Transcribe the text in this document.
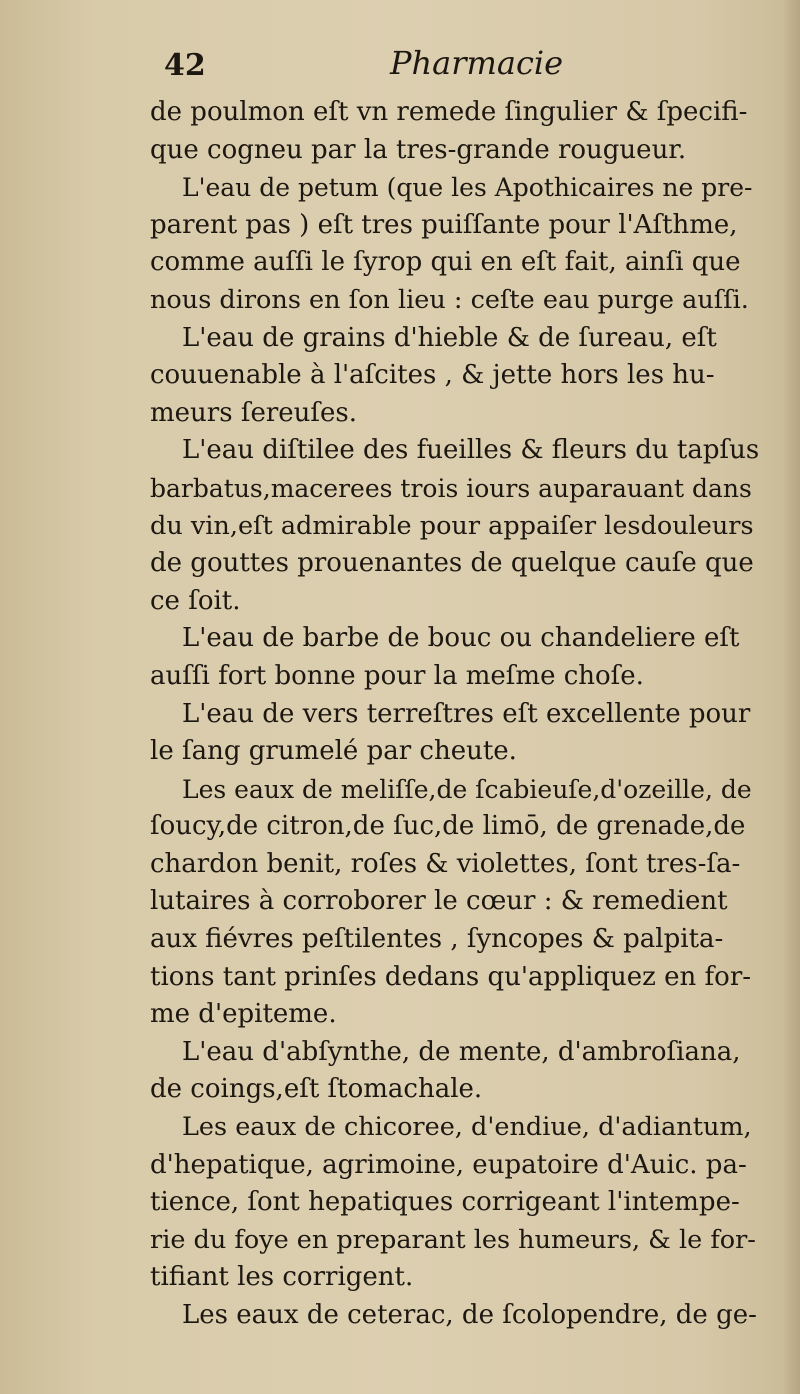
42	Pharmacie
de poulmon eſt vn remede ſingulier & ſpecifi-
que cogneu par la tres-grande rougueur.
L'eau de petum (que les Apothicaires ne pre-
parent pas ) eſt tres puiſſante pour l'Aſthme,
comme auſſi le ſyrop qui en eſt fait, ainſi que
nous dirons en ſon lieu : ceſte eau purge auſſi.
L'eau de grains d'hieble & de ſureau, eſt
couuenable à l'aſcites , & jette hors les hu-
meurs ſereuſes.
L'eau diſtilee des fueilles & fleurs du tapſus
barbatus,macerees trois iours auparauant dans
du vin,eſt admirable pour appaiſer lesdouleurs
de gouttes prouenantes de quelque cauſe que
ce ſoit.
L'eau de barbe de bouc ou chandeliere eſt
auſſi fort bonne pour la meſme choſe.
L'eau de vers terreſtres eſt excellente pour
le ſang grumelé par cheute.
Les eaux de meliſſe,de ſcabieuſe,d'ozeille, de
ſoucy,de citron,de ſuc,de limō, de grenade,de
chardon benit, roſes & violettes, ſont tres-ſa-
lutaires à corroborer le cœur : & remedient
aux fiévres peſtilentes , ſyncopes & palpita-
tions tant prinſes dedans qu'appliquez en for-
me d'epiteme.
L'eau d'abſynthe, de mente, d'ambroſiana,
de coings,eſt ſtomachale.
Les eaux de chicoree, d'endiue, d'adiantum,
d'hepatique, agrimoine, eupatoire d'Auic. pa-
tience, ſont hepatiques corrigeant l'intempe-
rie du foye en preparant les humeurs, & le for-
tifiant les corrigent.
Les eaux de ceterac, de ſcolopendre, de ge-
